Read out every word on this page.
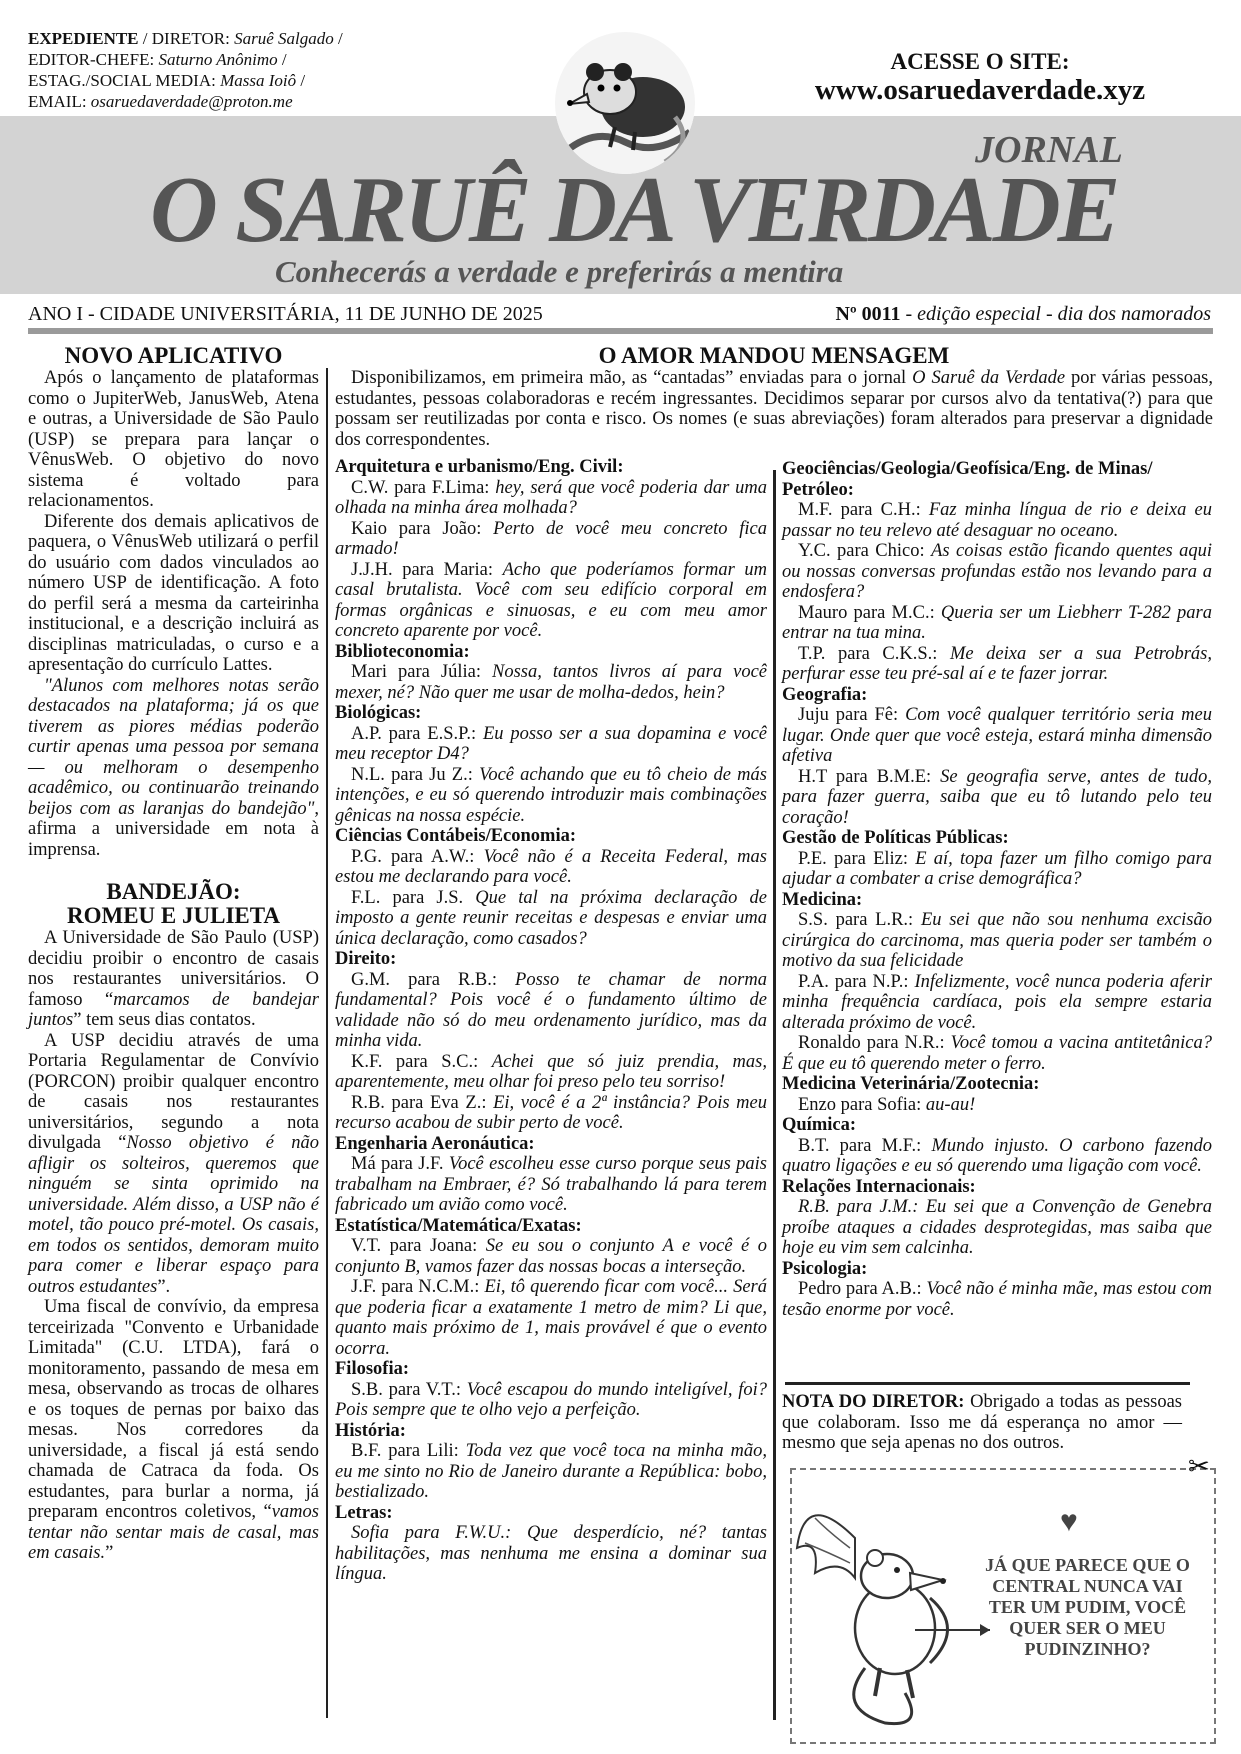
EXPEDIENTE / DIRETOR: Saruê Salgado /
EDITOR-CHEFE: Saturno Anônimo /
ESTAG./SOCIAL MEDIA: Massa Ioiô /
EMAIL: osaruedaverdade@proton.me
ACESSE O SITE:
www.osaruedaverdade.xyz
JORNAL
O SARUÊ DA VERDADE
Conhecerás a verdade e preferirás a mentira
ANO I - CIDADE UNIVERSITÁRIA, 11 DE JUNHO DE 2025	Nº 0011 - edição especial - dia dos namorados
NOVO APLICATIVO

Após o lançamento de plataformas como o JupiterWeb, JanusWeb, Atena e outras, a Universidade de São Paulo (USP) se prepara para lançar o VênusWeb. O objetivo do novo sistema é voltado para relacionamentos.

Diferente dos demais aplicativos de paquera, o VênusWeb utilizará o perfil do usuário com dados vinculados ao número USP de identificação. A foto do perfil será a mesma da carteirinha institucional, e a descrição incluirá as disciplinas matriculadas, o curso e a apresentação do currículo Lattes.

"Alunos com melhores notas serão destacados na plataforma; já os que tiverem as piores médias poderão curtir apenas uma pessoa por semana — ou melhoram o desempenho acadêmico, ou continuarão treinando beijos com as laranjas do bandejão", afirma a universidade em nota à imprensa.

BANDEJÃO:
ROMEU E JULIETA

A Universidade de São Paulo (USP) decidiu proibir o encontro de casais nos restaurantes universitários. O famoso “marcamos de bandejar juntos” tem seus dias contatos.

A USP decidiu através de uma Portaria Regulamentar de Convívio (PORCON) proibir qualquer encontro de casais nos restaurantes universitários, segundo a nota divulgada “Nosso objetivo é não afligir os solteiros, queremos que ninguém se sinta oprimido na universidade. Além disso, a USP não é motel, tão pouco pré-motel. Os casais, em todos os sentidos, demoram muito para comer e liberar espaço para outros estudantes”.

Uma fiscal de convívio, da empresa terceirizada "Convento e Urbanidade Limitada" (C.U. LTDA), fará o monitoramento, passando de mesa em mesa, observando as trocas de olhares e os toques de pernas por baixo das mesas. Nos corredores da universidade, a fiscal já está sendo chamada de Catraca da foda. Os estudantes, para burlar a norma, já preparam encontros coletivos, “vamos tentar não sentar mais de casal, mas em casais.”

O AMOR MANDOU MENSAGEM

Disponibilizamos, em primeira mão, as “cantadas” enviadas para o jornal O Saruê da Verdade por várias pessoas, estudantes, pessoas colaboradoras e recém ingressantes. Decidimos separar por cursos alvo da tentativa(?) para que possam ser reutilizadas por conta e risco. Os nomes (e suas abreviações) foram alterados para preservar a dignidade dos correspondentes.

Arquitetura e urbanismo/Eng. Civil:

C.W. para F.Lima: hey, será que você poderia dar uma olhada na minha área molhada?

Kaio para João: Perto de você meu concreto fica armado!

J.J.H. para Maria: Acho que poderíamos formar um casal brutalista. Você com seu edifício corporal em formas orgânicas e sinuosas, e eu com meu amor concreto aparente por você.

Biblioteconomia:

Mari para Júlia: Nossa, tantos livros aí para você mexer, né? Não quer me usar de molha-dedos, hein?

Biológicas:

A.P. para E.S.P.: Eu posso ser a sua dopamina e você meu receptor D4?

N.L. para Ju Z.: Você achando que eu tô cheio de más intenções, e eu só querendo introduzir mais combinações gênicas na nossa espécie.

Ciências Contábeis/Economia:

P.G. para A.W.: Você não é a Receita Federal, mas estou me declarando para você.

F.L. para J.S. Que tal na próxima declaração de imposto a gente reunir receitas e despesas e enviar uma única declaração, como casados?

Direito:

G.M. para R.B.: Posso te chamar de norma fundamental? Pois você é o fundamento último de validade não só do meu ordenamento jurídico, mas da minha vida.

K.F. para S.C.: Achei que só juiz prendia, mas, aparentemente, meu olhar foi preso pelo teu sorriso!

R.B. para Eva Z.: Ei, você é a 2ª instância? Pois meu recurso acabou de subir perto de você.

Engenharia Aeronáutica:

Má para J.F. Você escolheu esse curso porque seus pais trabalham na Embraer, é? Só trabalhando lá para terem fabricado um avião como você.

Estatística/Matemática/Exatas:

V.T. para Joana: Se eu sou o conjunto A e você é o conjunto B, vamos fazer das nossas bocas a interseção.

J.F. para N.C.M.: Ei, tô querendo ficar com você... Será que poderia ficar a exatamente 1 metro de mim? Li que, quanto mais próximo de 1, mais provável é que o evento ocorra.

Filosofia:

S.B. para V.T.: Você escapou do mundo inteligível, foi? Pois sempre que te olho vejo a perfeição.

História:

B.F. para Lili: Toda vez que você toca na minha mão, eu me sinto no Rio de Janeiro durante a República: bobo, bestializado.

Letras:

Sofia para F.W.U.: Que desperdício, né? tantas habilitações, mas nenhuma me ensina a dominar sua língua.

Geociências/Geologia/Geofísica/Eng. de Minas/ Petróleo:

M.F. para C.H.: Faz minha língua de rio e deixa eu passar no teu relevo até desaguar no oceano.

Y.C. para Chico: As coisas estão ficando quentes aqui ou nossas conversas profundas estão nos levando para a endosfera?

Mauro para M.C.: Queria ser um Liebherr T-282 para entrar na tua mina.

T.P. para C.K.S.: Me deixa ser a sua Petrobrás, perfurar esse teu pré-sal aí e te fazer jorrar.

Geografia:

Juju para Fê: Com você qualquer território seria meu lugar. Onde quer que você esteja, estará minha dimensão afetiva

H.T para B.M.E: Se geografia serve, antes de tudo, para fazer guerra, saiba que eu tô lutando pelo teu coração!

Gestão de Políticas Públicas:

P.E. para Eliz: E aí, topa fazer um filho comigo para ajudar a combater a crise demográfica?

Medicina:

S.S. para L.R.: Eu sei que não sou nenhuma excisão cirúrgica do carcinoma, mas queria poder ser também o motivo da sua felicidade

P.A. para N.P.: Infelizmente, você nunca poderia aferir minha frequência cardíaca, pois ela sempre estaria alterada próximo de você.

Ronaldo para N.R.: Você tomou a vacina antitetânica? É que eu tô querendo meter o ferro.

Medicina Veterinária/Zootecnia:

Enzo para Sofia: au-au!

Química:

B.T. para M.F.: Mundo injusto. O carbono fazendo quatro ligações e eu só querendo uma ligação com você.

Relações Internacionais:

R.B. para J.M.: Eu sei que a Convenção de Genebra proíbe ataques a cidades desprotegidas, mas saiba que hoje eu vim sem calcinha.

Psicologia:

Pedro para A.B.: Você não é minha mãe, mas estou com tesão enorme por você.

NOTA DO DIRETOR: Obrigado a todas as pessoas que colaboram. Isso me dá esperança no amor — mesmo que seja apenas no dos outros.

✂
♥
JÁ QUE PARECE QUE O CENTRAL NUNCA VAI TER UM PUDIM, VOCÊ QUER SER O MEU PUDINZINHO?
